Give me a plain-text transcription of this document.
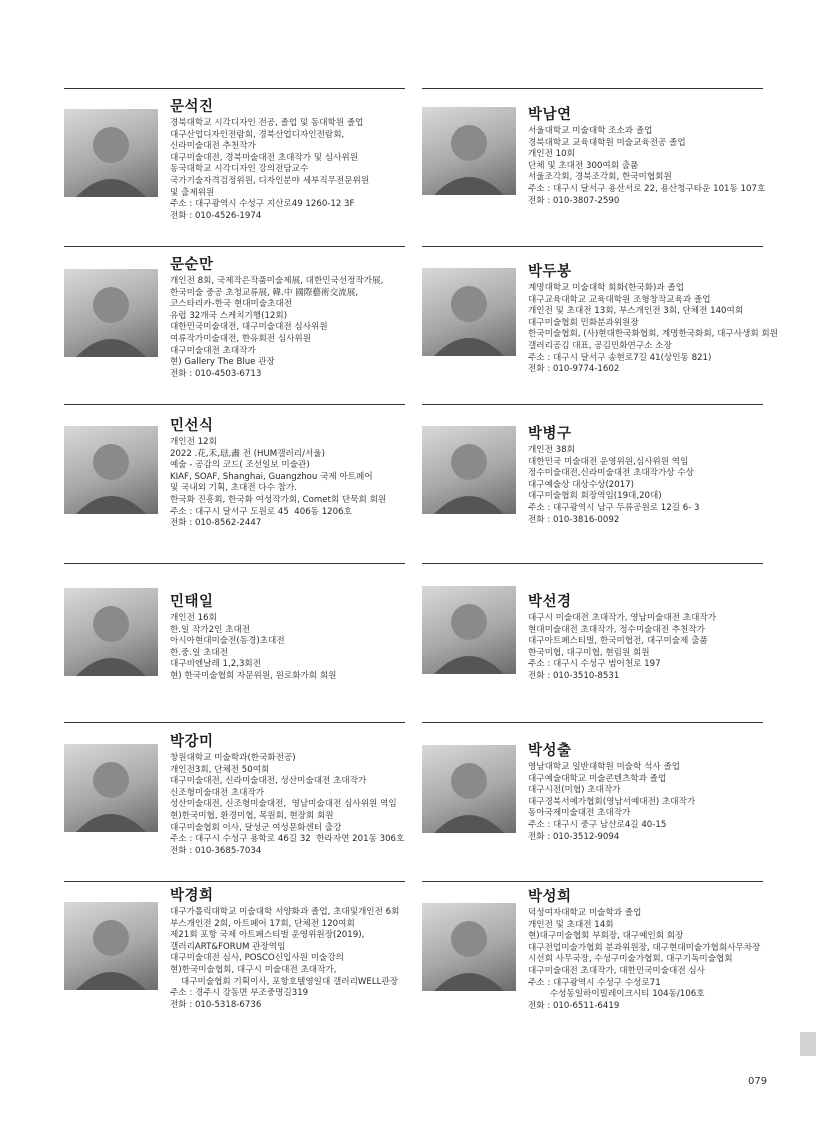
문석진
경북대학교 시각디자인 전공, 졸업 및 동대학원 졸업
대구산업디자인전람회, 경북산업디자인전람회,
신라미술대전 추천작가
대구미술대전, 경북미술대전 초대작가 및 심사위원
동국대학교 시각디자인 강의전담교수
국가기술자격검정위원, 디자인분야 세부직무전문위원
및 출제위원
주소 : 대구광역시 수성구 지산로49 1260-12 3F
전화 : 010-4526-1974
박남연
서울대학교 미술대학 조소과 졸업
경북대학교 교육대학원 미술교육전공 졸업
개인전 10회
단체 및 초대전 300여회 출품
서울조각회, 경북조각회, 한국미협회원
주소 : 대구시 달서구 용산서로 22, 용산청구타운 101동 107호
전화 : 010-3807-2590
문순만
개인전 8회, 국제작은작품미술제展, 대한민국선정작가展,
한국미술 중공 초청교류展, 韓.中 國際藝術交流展,
코스타리카-한국 현대미술초대전
유럽 32개국 스케치기행(12회)
대한민국미술대전, 대구미술대전 심사위원
여류작가미술대전, 한유회전 심사위원
대구미술대전 초대작가
현) Gallery The Blue 관장
전화 : 010-4503-6713
박두봉
계명대학교 미술대학 회화(한국화)과 졸업
대구교육대학교 교육대학원 조형창작교육과 졸업
개인전 및 초대전 13회, 부스개인전 3회, 단체전 140여회
대구미술협회 민화분과위원장
한국미술협회, (사)현대한국화협회, 계명한국화회, 대구사생회 회원
갤러리공김 대표, 공김민화연구소 소장
주소 : 대구시 달서구 송현로7길 41(상인동 821)
전화 : 010-9774-1602
민선식
개인전 12회
2022 .花,禾,琺,畵 전 (HUM갤러리/서울)
예술 - 공감의 코드( 조선일보 미술관)
KIAF, SOAF, Shanghai, Guangzhou 국제 아트페어
및 국내외 기획, 초대전 다수 참가.
한국화 진흥회, 한국화 여성작가회, Comet회 단묵회 회원
주소 : 대구시 달서구 도원로 45  406동 1206호
전화 : 010-8562-2447
박병구
개인전 38회
대한민국 미술대전 운영위원,심사위원 역임
정수미술대전,신라미술대전 초대작가상 수상
대구예술상 대상수상(2017)
대구미술협회 회장역임(19대,20대)
주소 : 대구광역시 남구 두류공원로 12길 6- 3
전화 : 010-3816-0092
민태일
개인전 16회
한.일 작가2인 초대전
아시아현대미술전(동경)초대전
한.중.일 초대전
대구비엔날레 1,2,3회전
현) 한국미술협회 자문위원, 원로화가회 회원
박선경
대구시 미술대전 초대작가, 영남미술대전 초대작가
현대미술대전 초대작가, 정수미술대전 추천작가
대구아트페스티벌, 한국미협전, 대구미술제 출품
한국미협, 대구미협, 현림원 회원
주소 : 대구시 수성구 범어천로 197
전화 : 010-3510-8531
박강미
창원대학교 미술학과(한국화전공)
개인전3회, 단체전 50여회
대구미술대전, 신라미술대전, 성산미술대전 초대작가
신조형미술대전 초대작가
성산미술대전, 신조형미술대전,  영남미술대전 심사위원 역임
현)한국미협, 환경미협, 목원회, 현장회 회원
대구미술협회 이사, 달성군 여성문화센터 출강
주소 : 대구시 수성구 용학로 46길 32  한라자연 201동 306호
전화 : 010-3685-7034
박성출
영남대학교 일반대학원 미술학 석사 졸업
대구예술대학교 미술콘텐츠학과 졸업
대구시전(미협) 초대작가
대구경북서예가협회(영남서예대전) 초대작가
동아국제미술대전 초대작가
주소 : 대구시 중구 남산로4길 40-15
전화 : 010-3512-9094
박경희
대구가톨릭대학교 미술대학 서양화과 졸업, 초대및개인전 6회
부스개인전 2회, 아트페어 17회, 단체전 120여회
제21회 포항 국제 아트페스티벌 운영위원장(2019),
갤러리ART&FORUM 관장역임
대구미술대전 심사, POSCO신입사원 미술강의
현)한국미술협회, 대구시 미술대전 초대작가,
대구미술협회 기획이사, 포항호텔영일대 갤러리WELL관장
주소 : 경주시 강동면 부조중명길319
전화 : 010-5318-6736
박성희
덕성여자대학교 미술학과 졸업
개인전 및 초대전 14회
현)대구미술협회 부회장, 대구예인회 회장
대구전업미술가협회 분과위원장, 대구현대미술가협회사무차장
시선회 사무국장, 수성구미술가협회, 대구기독미술협회
대구미술대전 초대작가, 대한민국미술대전 심사
주소 : 대구광역시 수성구 수성로71
수성동일하이빌레이크시티 104동/106호
전화 : 010-6511-6419
079
